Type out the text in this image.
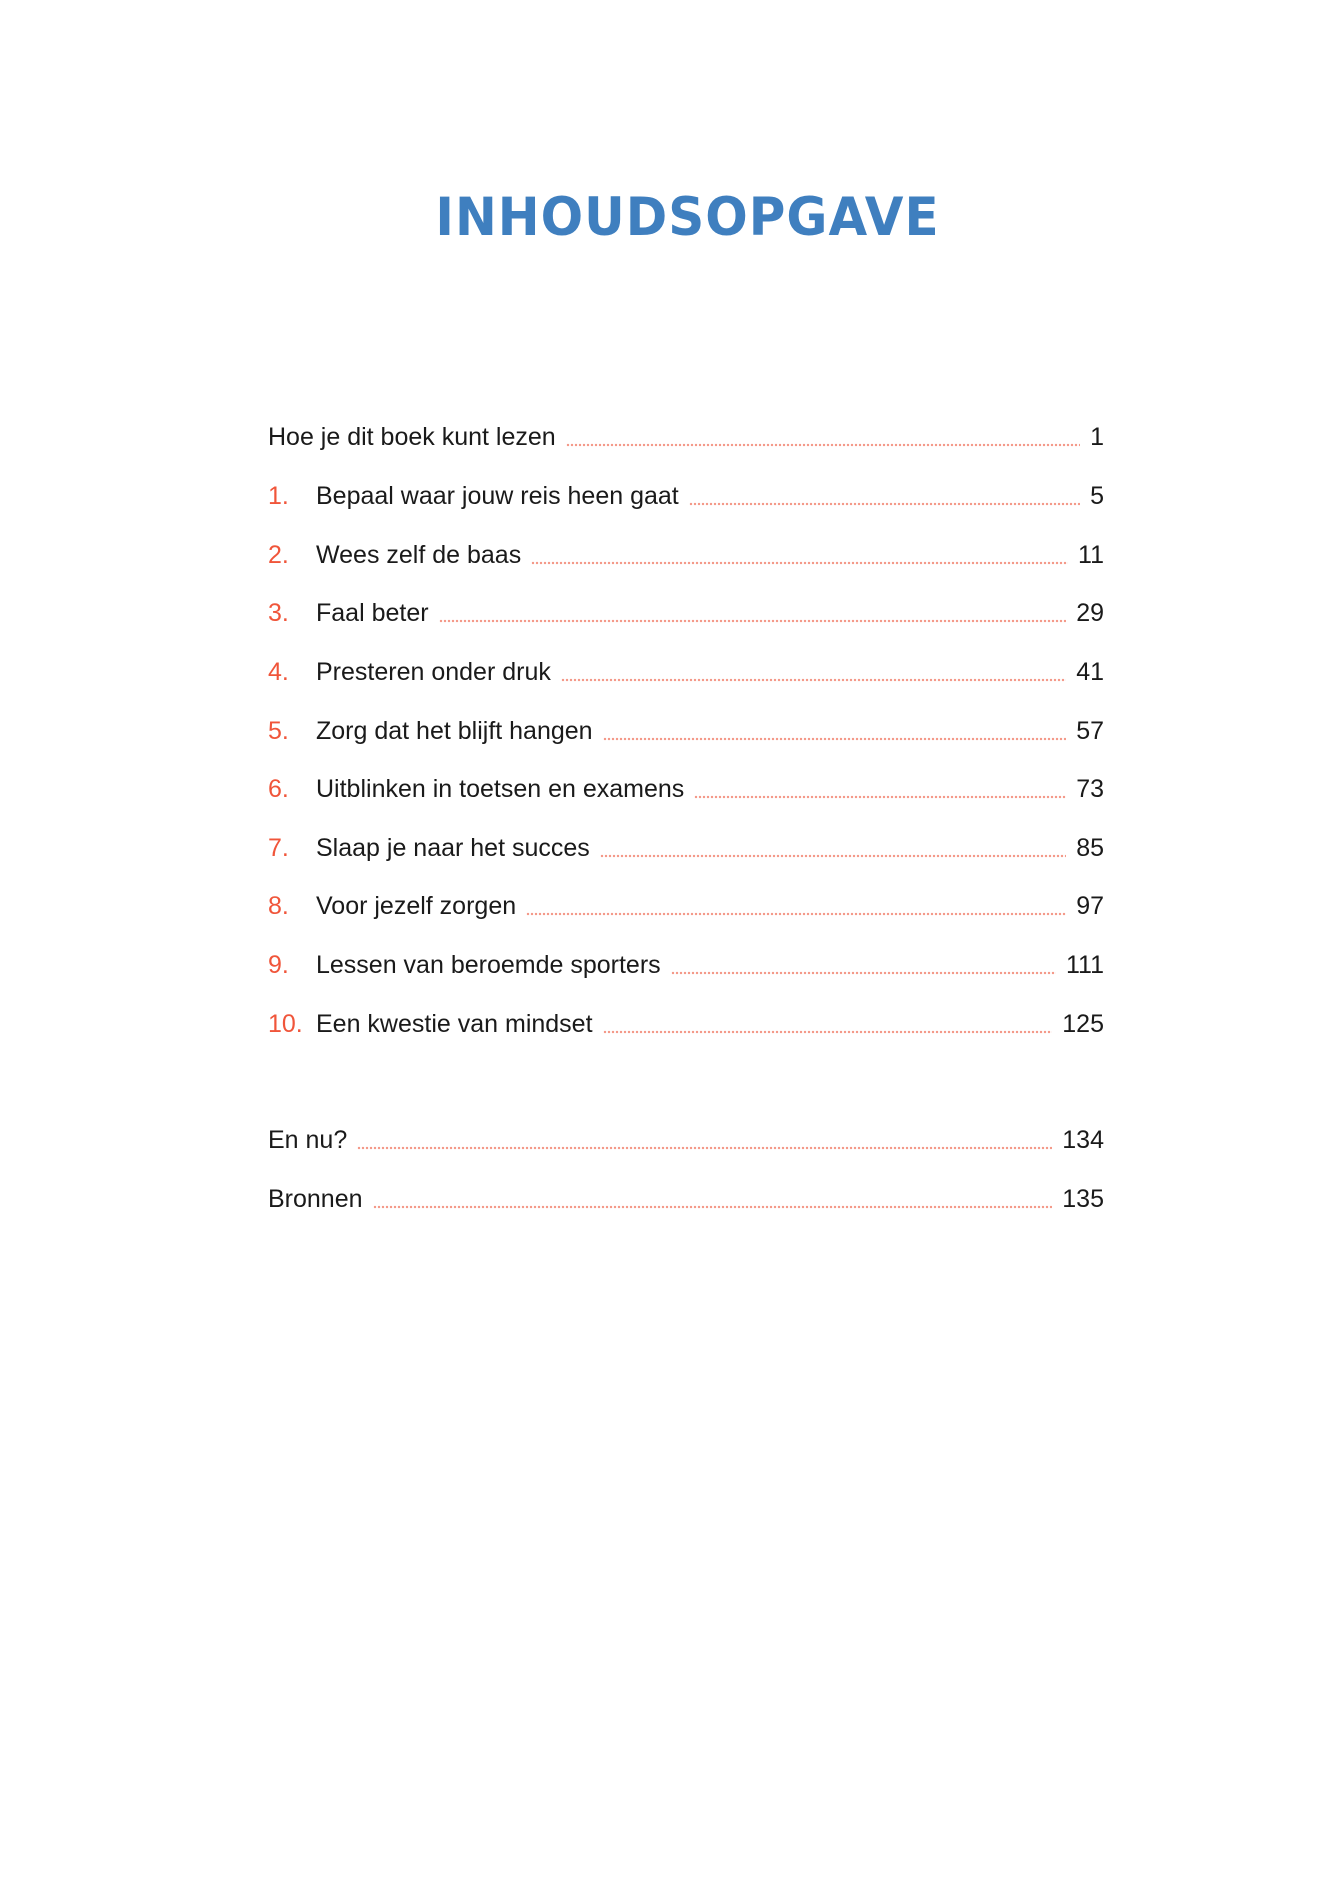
INHOUDSOPGAVE
Hoe je dit boek kunt lezen	1
1.	Bepaal waar jouw reis heen gaat	5
2.	Wees zelf de baas	11
3.	Faal beter	29
4.	Presteren onder druk	41
5.	Zorg dat het blijft hangen	57
6.	Uitblinken in toetsen en examens	73
7.	Slaap je naar het succes	85
8.	Voor jezelf zorgen	97
9.	Lessen van beroemde sporters	111
10. Een kwestie van mindset	125
En nu?	134
Bronnen	135
